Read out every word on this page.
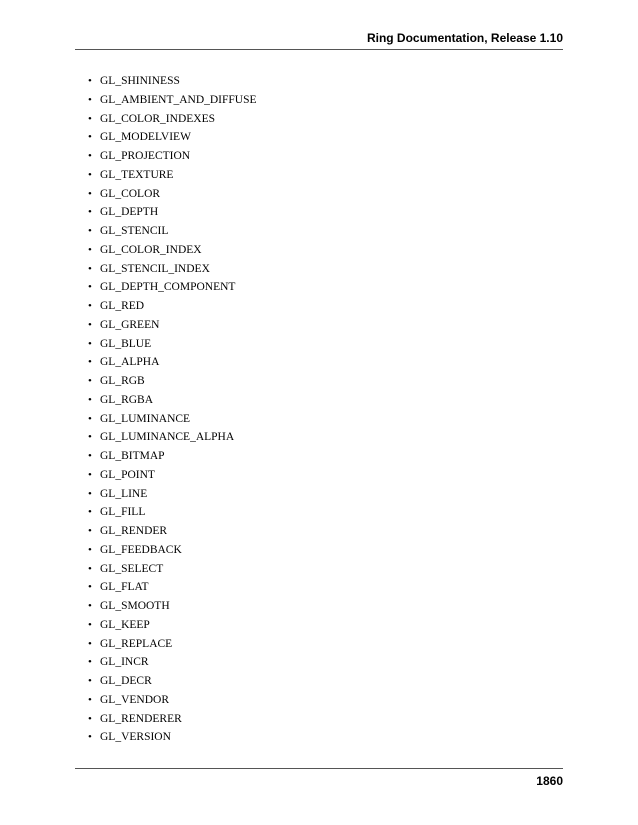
Ring Documentation, Release 1.10
• GL_SHININESS
• GL_AMBIENT_AND_DIFFUSE
• GL_COLOR_INDEXES
• GL_MODELVIEW
• GL_PROJECTION
• GL_TEXTURE
• GL_COLOR
• GL_DEPTH
• GL_STENCIL
• GL_COLOR_INDEX
• GL_STENCIL_INDEX
• GL_DEPTH_COMPONENT
• GL_RED
• GL_GREEN
• GL_BLUE
• GL_ALPHA
• GL_RGB
• GL_RGBA
• GL_LUMINANCE
• GL_LUMINANCE_ALPHA
• GL_BITMAP
• GL_POINT
• GL_LINE
• GL_FILL
• GL_RENDER
• GL_FEEDBACK
• GL_SELECT
• GL_FLAT
• GL_SMOOTH
• GL_KEEP
• GL_REPLACE
• GL_INCR
• GL_DECR
• GL_VENDOR
• GL_RENDERER
• GL_VERSION
1860
